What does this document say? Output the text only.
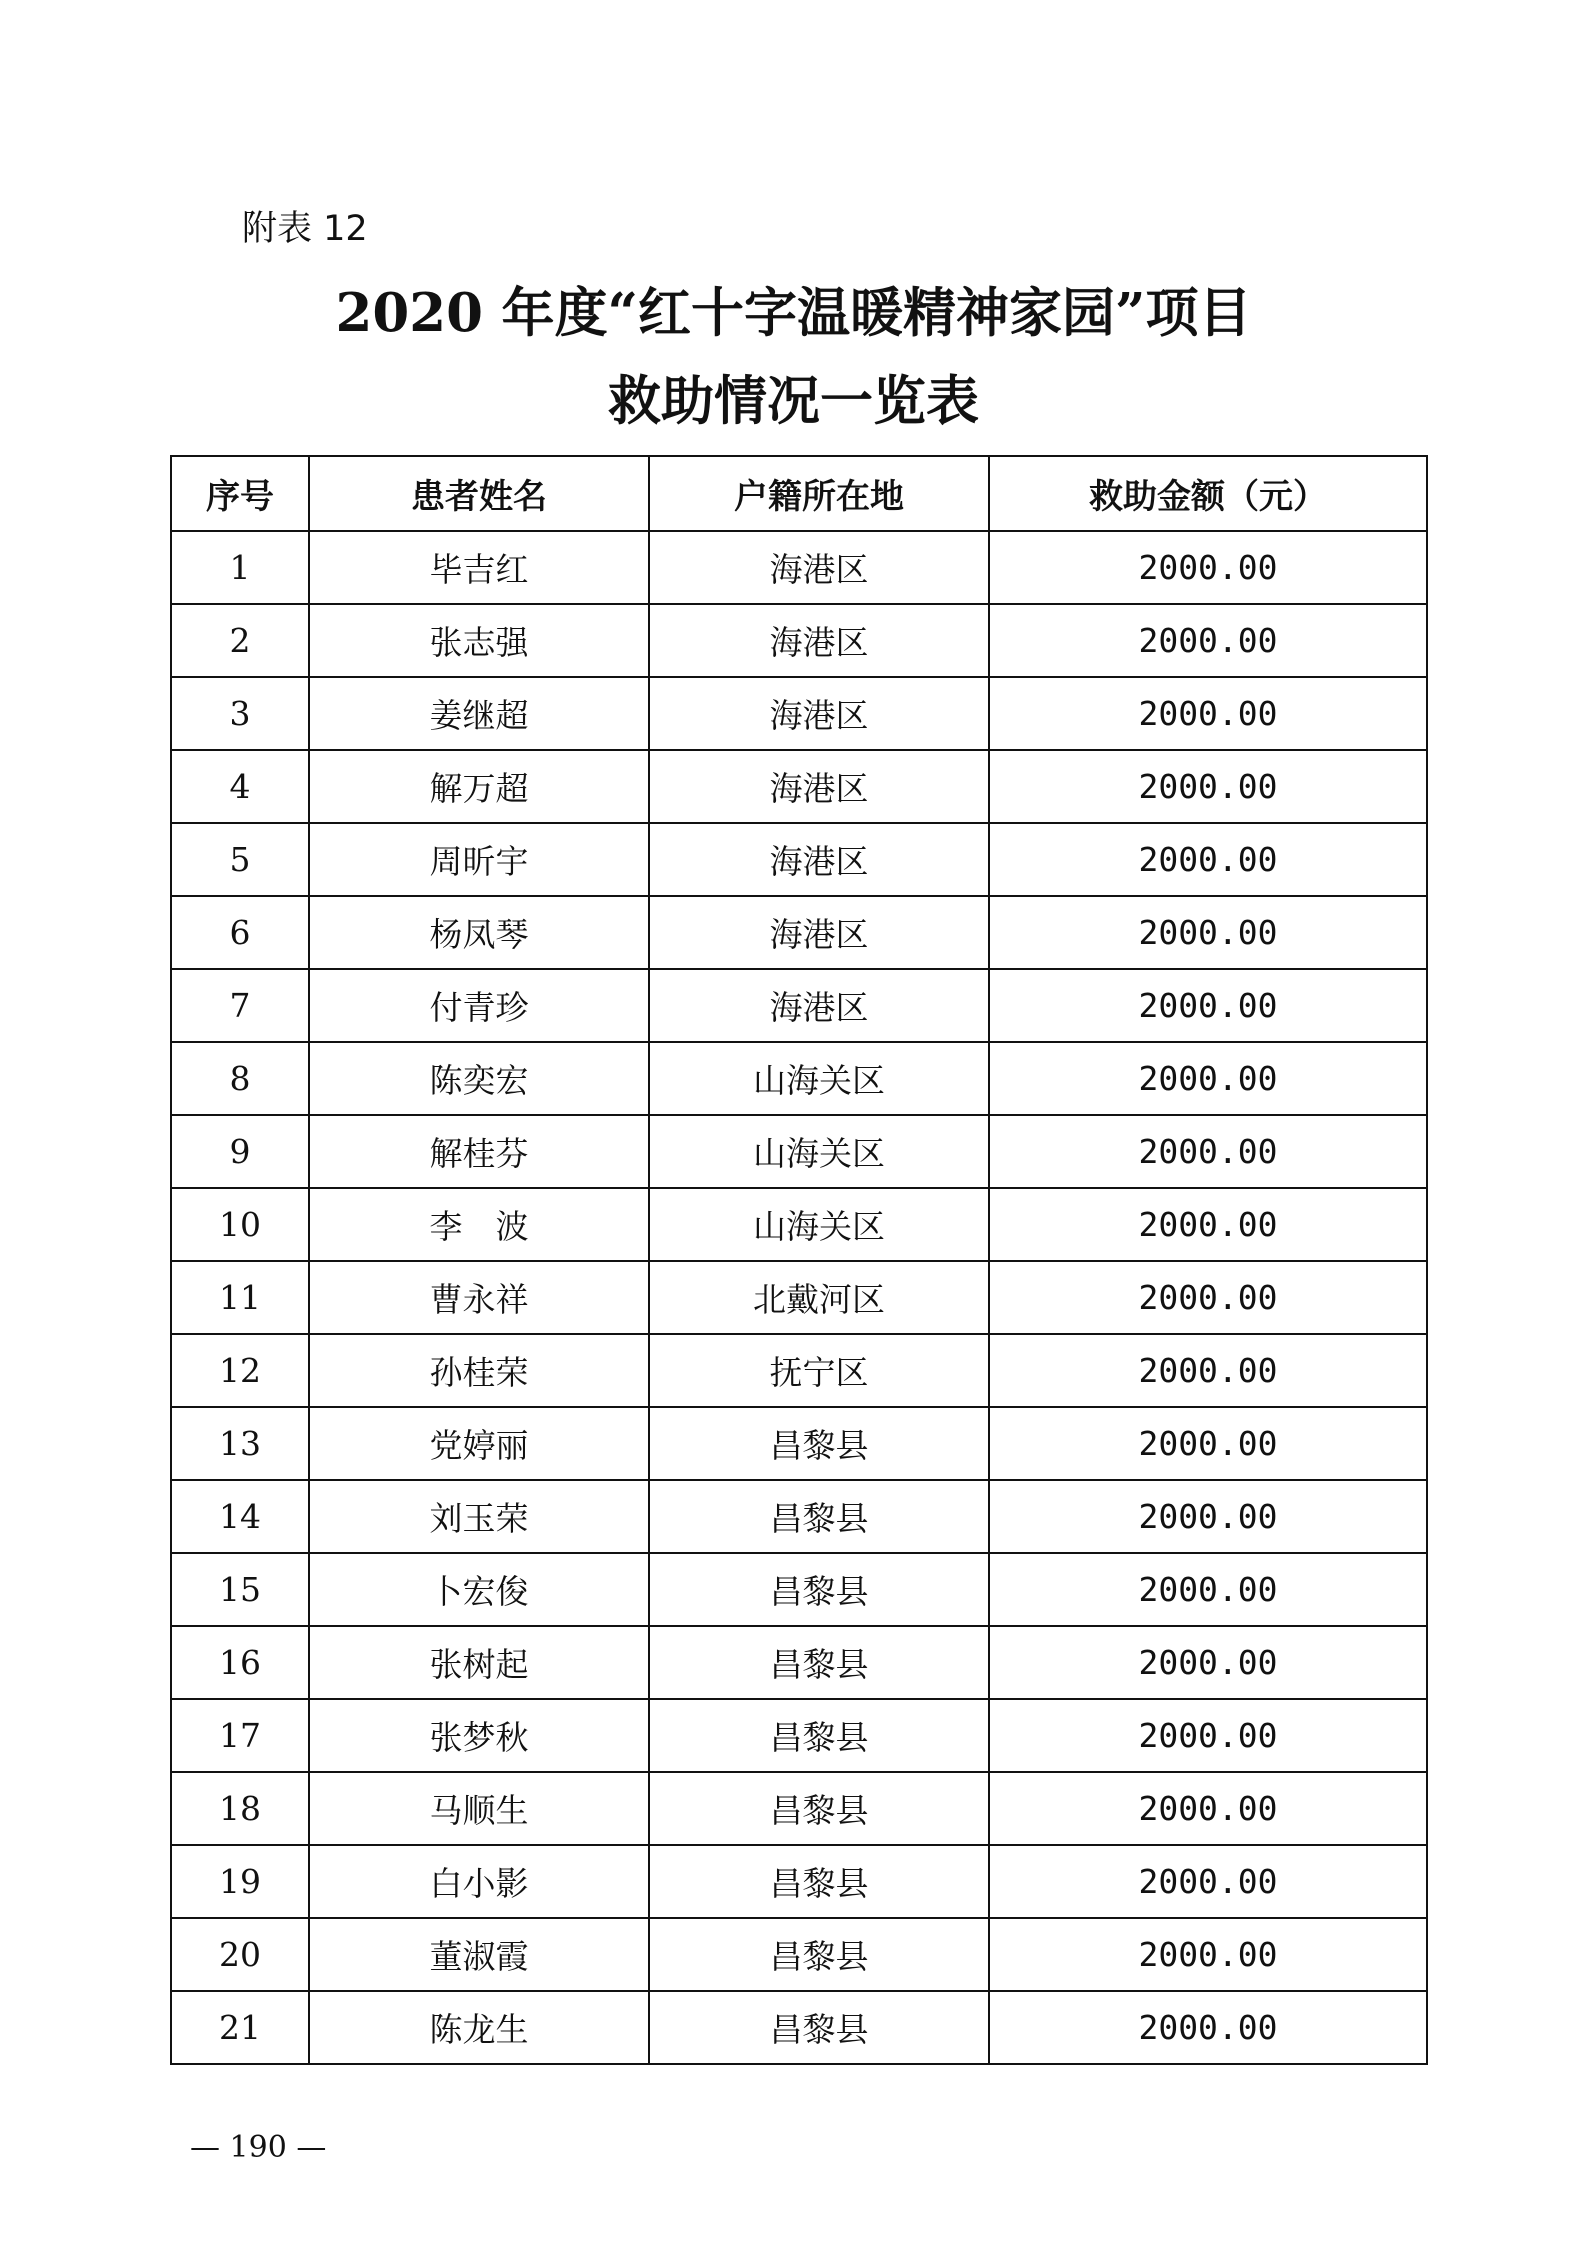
附表 12
2020 年度“红十字温暖精神家园”项目
救助情况一览表
序号	患者姓名	户籍所在地	救助金额（元）
1	毕吉红	海港区	2000.00
2	张志强	海港区	2000.00
3	姜继超	海港区	2000.00
4	解万超	海港区	2000.00
5	周昕宇	海港区	2000.00
6	杨凤琴	海港区	2000.00
7	付青珍	海港区	2000.00
8	陈奕宏	山海关区	2000.00
9	解桂芬	山海关区	2000.00
10	李　波	山海关区	2000.00
11	曹永祥	北戴河区	2000.00
12	孙桂荣	抚宁区	2000.00
13	党婷丽	昌黎县	2000.00
14	刘玉荣	昌黎县	2000.00
15	卜宏俊	昌黎县	2000.00
16	张树起	昌黎县	2000.00
17	张梦秋	昌黎县	2000.00
18	马顺生	昌黎县	2000.00
19	白小影	昌黎县	2000.00
20	董淑霞	昌黎县	2000.00
21	陈龙生	昌黎县	2000.00
— 190 —
